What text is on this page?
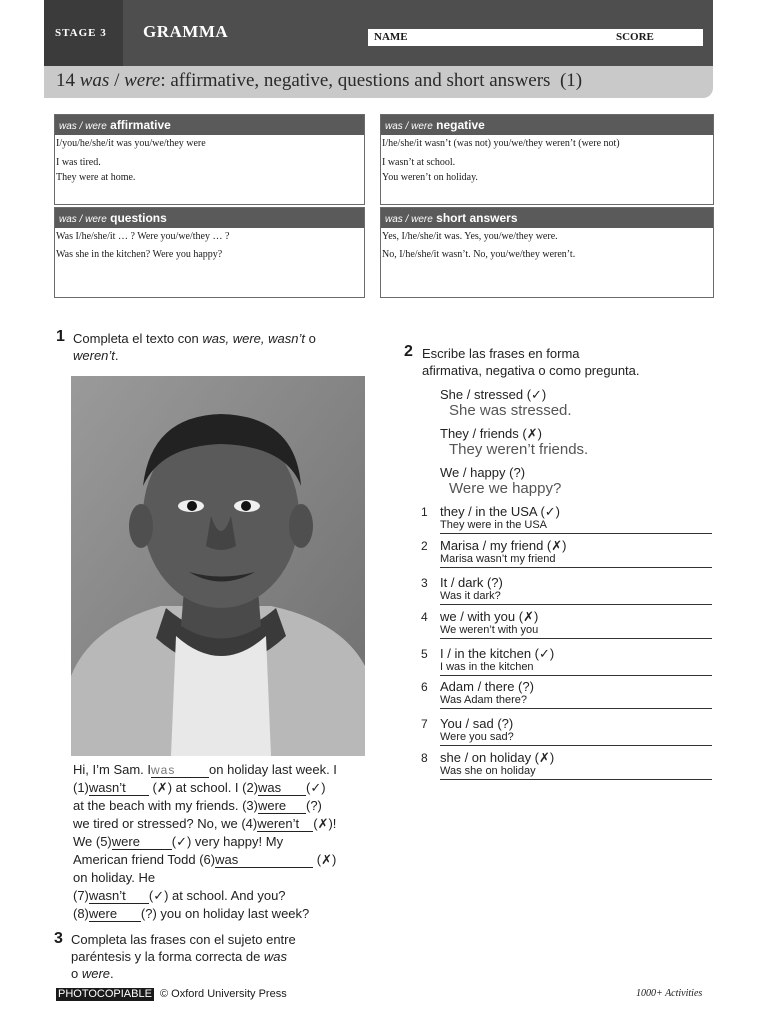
STAGE 3 GRAMMA	NAME	SCORE
14 was / were: affirmative, negative, questions and short answers (1)
was / were affirmative
I/you/he/she/it was you/we/they were
I was tired.
They were at home.
was / were negative
I/he/she/it wasn’t (was not) you/we/they weren’t (were not)
I wasn’t at school.
You weren’t on holiday.
was / were questions
Was I/he/she/it … ? Were you/we/they … ?
Was she in the kitchen? Were you happy?
was / were short answers
Yes, I/he/she/it was. Yes, you/we/they were.
No, I/he/she/it wasn’t. No, you/we/they weren’t.
1 Completa el texto con was, were, wasn’t o
weren’t.
Hi, I’m Sam. Iwas	on holiday last week. I
(1)wasn’t (✗) at school. I (2)was (✓)
at the beach with my friends. (3)were (?)
we tired or stressed? No, we (4)weren’t (✗)!
We (5)were (✓) very happy! My
American friend Todd (6)was	(✗)
on holiday. He
(7)wasn’t (✓) at school. And you?
(8)were (?) you on holiday last week?
3 Completa las frases con el sujeto entre
paréntesis y la forma correcta de was
o were.
2 Escribe las frases en forma
afirmativa, negativa o como pregunta.
She / stressed (✓)
She was stressed.
They / friends (✗)
They weren’t friends.
We / happy (?)
Were we happy?
1 they / in the USA (✓)
They were in the USA
2 Marisa / my friend (✗)
Marisa wasn’t my friend
3 It / dark (?)
Was it dark?
4 we / with you (✗)
We weren’t with you
5 I / in the kitchen (✓)
I was in the kitchen
6 Adam / there (?)
Was Adam there?
7 You / sad (?)
Were you sad?
8 she / on holiday (✗)
Was she on holiday
PHOTOCOPIABLE © Oxford University Press	1000+ Activities
